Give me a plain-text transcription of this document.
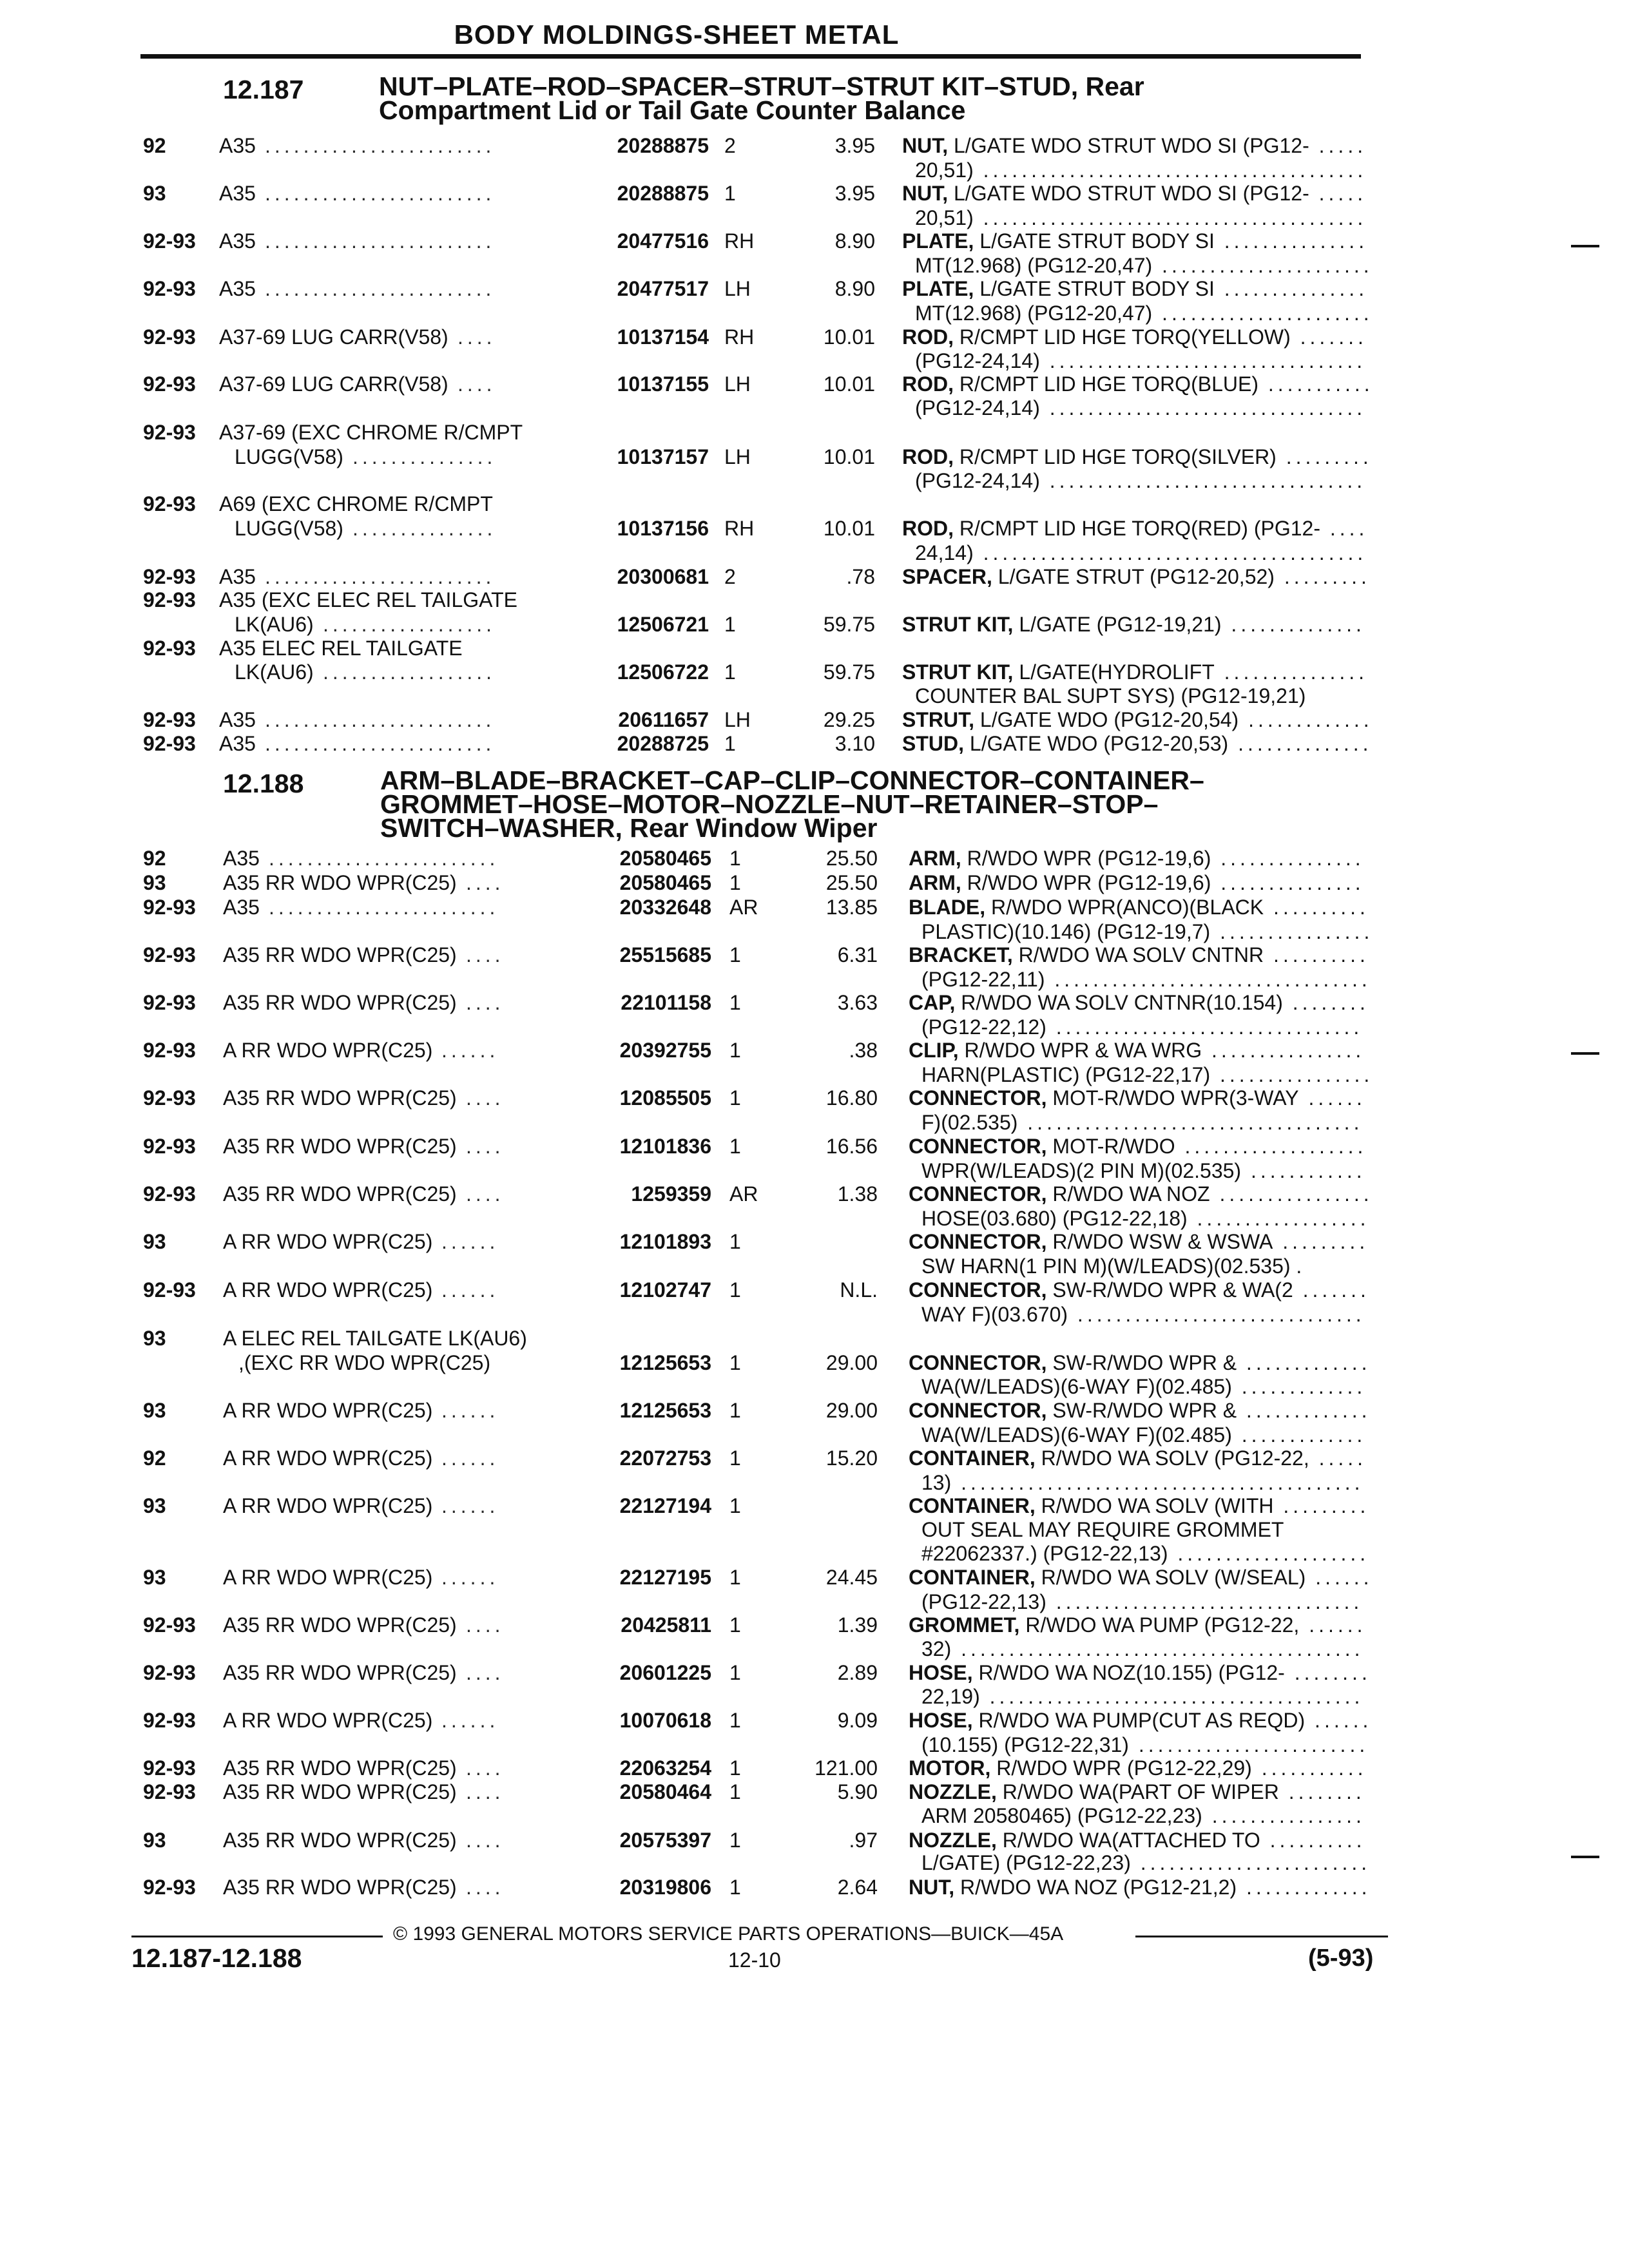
BODY MOLDINGS-SHEET METAL
12.187	NUT–PLATE–ROD–SPACER–STRUT–STRUT KIT–STUD, Rear
Compartment Lid or Tail Gate Counter Balance
12.188	ARM–BLADE–BRACKET–CAP–CLIP–CONNECTOR–CONTAINER–
GROMMET–HOSE–MOTOR–NOZZLE–NUT–RETAINER–STOP–
SWITCH–WASHER, Rear Window Wiper
92	A35 ........................	20288875 2	3.95 NUT, L/GATE WDO STRUT WDO SI (PG12- .....
20,51) ........................................
93	A35 ........................	20288875 1	3.95 NUT, L/GATE WDO STRUT WDO SI (PG12- .....
20,51) ........................................
92-93 A35 ........................	20477516 RH	8.90 PLATE, L/GATE STRUT BODY SI ...............
MT(12.968) (PG12-20,47) ......................
92-93 A35 ........................	20477517 LH	8.90 PLATE, L/GATE STRUT BODY SI ...............
MT(12.968) (PG12-20,47) ......................
92-93 A37-69 LUG CARR(V58) ....	10137154 RH	10.01 ROD, R/CMPT LID HGE TORQ(YELLOW) .......
(PG12-24,14) .................................
92-93 A37-69 LUG CARR(V58) ....	10137155 LH	10.01 ROD, R/CMPT LID HGE TORQ(BLUE) ...........
(PG12-24,14) .................................
92-93 A37-69 (EXC CHROME R/CMPT
LUGG(V58) ...............	10137157 LH	10.01 ROD, R/CMPT LID HGE TORQ(SILVER) .........
(PG12-24,14) .................................
92-93 A69 (EXC CHROME R/CMPT
LUGG(V58) ...............	10137156 RH	10.01 ROD, R/CMPT LID HGE TORQ(RED) (PG12- ....
24,14) ........................................
92-93 A35 ........................	20300681 2	.78 SPACER, L/GATE STRUT (PG12-20,52) .........
92-93 A35 (EXC ELEC REL TAILGATE
LK(AU6) ..................	12506721 1	59.75 STRUT KIT, L/GATE (PG12-19,21) ..............
92-93 A35 ELEC REL TAILGATE
LK(AU6) ..................	12506722 1	59.75 STRUT KIT, L/GATE(HYDROLIFT ...............
COUNTER BAL SUPT SYS) (PG12-19,21)
92-93 A35 ........................	20611657 LH	29.25 STRUT, L/GATE WDO (PG12-20,54) .............
92-93 A35 ........................	20288725 1	3.10 STUD, L/GATE WDO (PG12-20,53) ..............
92	A35 ........................	20580465 1	25.50 ARM, R/WDO WPR (PG12-19,6) ...............
93	A35 RR WDO WPR(C25) ....	20580465 1	25.50 ARM, R/WDO WPR (PG12-19,6) ...............
92-93 A35 ........................	20332648 AR	13.85 BLADE, R/WDO WPR(ANCO)(BLACK ..........
PLASTIC)(10.146) (PG12-19,7) ................
92-93 A35 RR WDO WPR(C25) ....	25515685 1	6.31 BRACKET, R/WDO WA SOLV CNTNR ..........
(PG12-22,11) .................................
92-93 A35 RR WDO WPR(C25) ....	22101158 1	3.63 CAP, R/WDO WA SOLV CNTNR(10.154) ........
(PG12-22,12) ................................
92-93 A RR WDO WPR(C25) ......	20392755 1	.38 CLIP, R/WDO WPR & WA WRG ................
HARN(PLASTIC) (PG12-22,17) ................
92-93 A35 RR WDO WPR(C25) ....	12085505 1	16.80 CONNECTOR, MOT-R/WDO WPR(3-WAY ......
F)(02.535) ...................................
92-93 A35 RR WDO WPR(C25) ....	12101836 1	16.56 CONNECTOR, MOT-R/WDO ...................
WPR(W/LEADS)(2 PIN M)(02.535) ............
92-93 A35 RR WDO WPR(C25) ....	1259359 AR	1.38 CONNECTOR, R/WDO WA NOZ ................
HOSE(03.680) (PG12-22,18) ..................
93	A RR WDO WPR(C25) ......	12101893 1	CONNECTOR, R/WDO WSW & WSWA .........
SW HARN(1 PIN M)(W/LEADS)(02.535) .
92-93 A RR WDO WPR(C25) ......	12102747 1	N.L. CONNECTOR, SW-R/WDO WPR & WA(2 .......
WAY F)(03.670) ..............................
93	A ELEC REL TAILGATE LK(AU6)
,(EXC RR WDO WPR(C25)	12125653 1	29.00 CONNECTOR, SW-R/WDO WPR & .............
WA(W/LEADS)(6-WAY F)(02.485) .............
93	A RR WDO WPR(C25) ......	12125653 1	29.00 CONNECTOR, SW-R/WDO WPR & .............
WA(W/LEADS)(6-WAY F)(02.485) .............
92	A RR WDO WPR(C25) ......	22072753 1	15.20 CONTAINER, R/WDO WA SOLV (PG12-22, .....
13) ..........................................
93	A RR WDO WPR(C25) ......	22127194 1	CONTAINER, R/WDO WA SOLV (WITH .........
OUT SEAL MAY REQUIRE GROMMET
#22062337.) (PG12-22,13) ....................
93	A RR WDO WPR(C25) ......	22127195 1	24.45 CONTAINER, R/WDO WA SOLV (W/SEAL) ......
(PG12-22,13) ................................
92-93 A35 RR WDO WPR(C25) ....	20425811 1	1.39 GROMMET, R/WDO WA PUMP (PG12-22, ......
32) ..........................................
92-93 A35 RR WDO WPR(C25) ....	20601225 1	2.89 HOSE, R/WDO WA NOZ(10.155) (PG12- ........
22,19) .......................................
92-93 A RR WDO WPR(C25) ......	10070618 1	9.09 HOSE, R/WDO WA PUMP(CUT AS REQD) ......
(10.155) (PG12-22,31) ........................
92-93 A35 RR WDO WPR(C25) ....	22063254 1	121.00 MOTOR, R/WDO WPR (PG12-22,29) ...........
92-93 A35 RR WDO WPR(C25) ....	20580464 1	5.90 NOZZLE, R/WDO WA(PART OF WIPER ........
ARM 20580465) (PG12-22,23) ................
93	A35 RR WDO WPR(C25) ....	20575397 1	.97 NOZZLE, R/WDO WA(ATTACHED TO ..........
L/GATE) (PG12-22,23) ........................
92-93 A35 RR WDO WPR(C25) ....	20319806 1	2.64 NUT, R/WDO WA NOZ (PG12-21,2) .............
© 1993 GENERAL MOTORS SERVICE PARTS OPERATIONS—BUICK—45A
12.187-12.188	12-10	(5-93)
